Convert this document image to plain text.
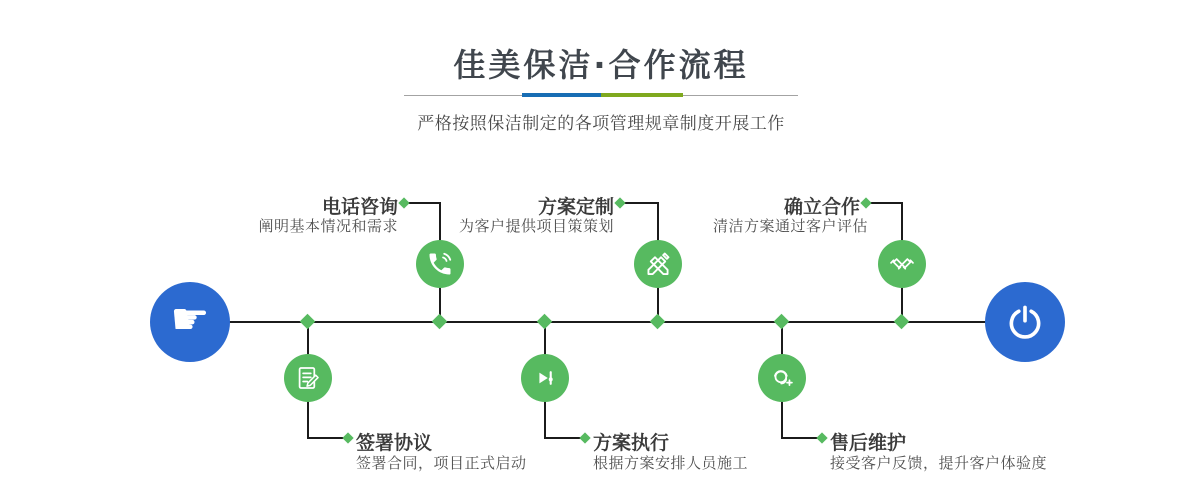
佳美保洁·合作流程
严格按照保洁制定的各项管理规章制度开展工作
☛
电话咨询
阐明基本情况和需求
方案定制
为客户提供项目策策划
确立合作
清洁方案通过客户评估
签署协议
签署合同，项目正式启动
方案执行
根据方案安排人员施工
售后维护
接受客户反馈，提升客户体验度
